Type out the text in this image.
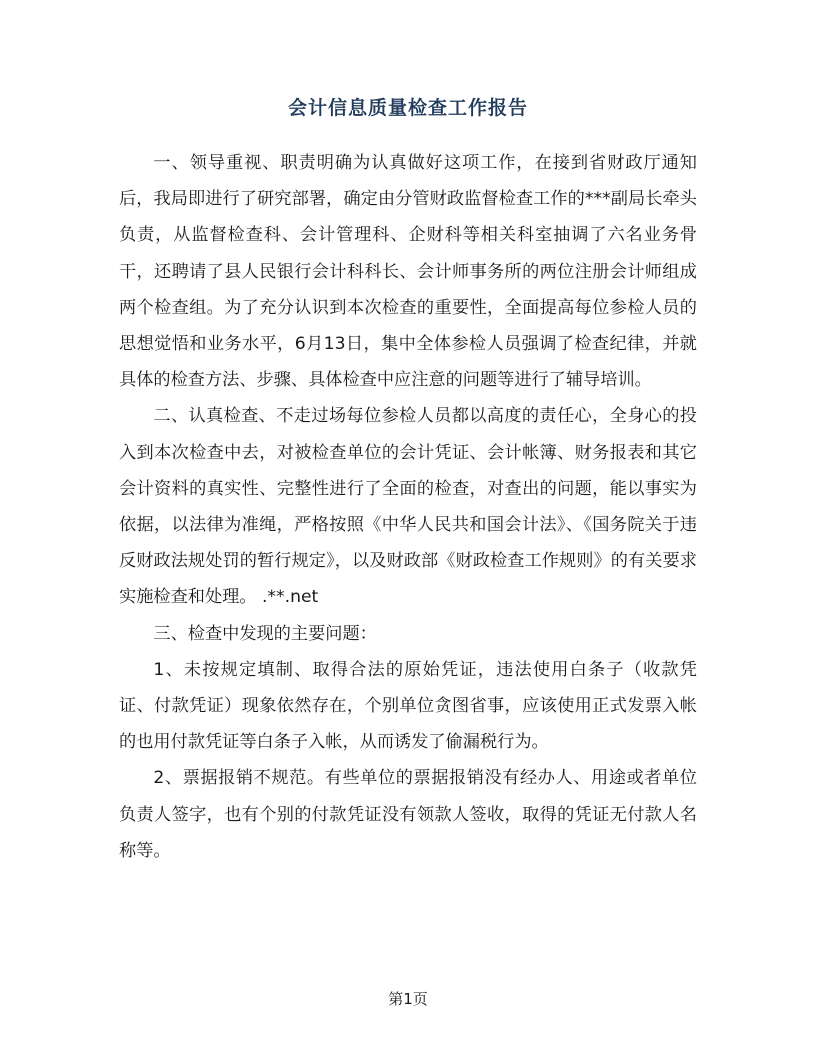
会计信息质量检查工作报告

一、领导重视、职责明确为认真做好这项工作，在接到省财政厅通知后，我局即进行了研究部署，确定由分管财政监督检查工作的***副局长牵头负责，从监督检查科、会计管理科、企财科等相关科室抽调了六名业务骨干，还聘请了县人民银行会计科科长、会计师事务所的两位注册会计师组成两个检查组。为了充分认识到本次检查的重要性，全面提高每位参检人员的思想觉悟和业务水平，6月13日，集中全体参检人员强调了检查纪律，并就具体的检查方法、步骤、具体检查中应注意的问题等进行了辅导培训。

二、认真检查、不走过场每位参检人员都以高度的责任心，全身心的投入到本次检查中去，对被检查单位的会计凭证、会计帐簿、财务报表和其它会计资料的真实性、完整性进行了全面的检查，对查出的问题，能以事实为依据，以法律为准绳，严格按照《中华人民共和国会计法》、《国务院关于违反财政法规处罚的暂行规定》，以及财政部《财政检查工作规则》的有关要求实施检查和处理。 .**.net

三、检查中发现的主要问题：

1、未按规定填制、取得合法的原始凭证，违法使用白条子（收款凭证、付款凭证）现象依然存在，个别单位贪图省事，应该使用正式发票入帐的也用付款凭证等白条子入帐，从而诱发了偷漏税行为。

2、票据报销不规范。有些单位的票据报销没有经办人、用途或者单位负责人签字，也有个别的付款凭证没有领款人签收，取得的凭证无付款人名称等。

第1页
